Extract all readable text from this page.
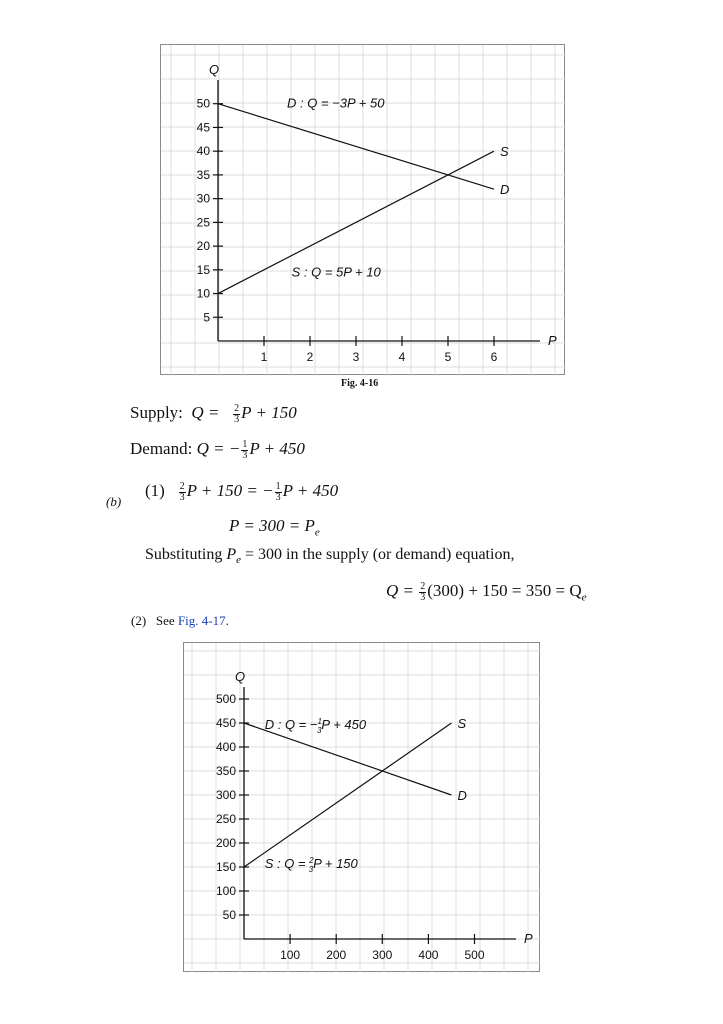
Q
P
5
10
15
20
25
30
35
40
45
50
1	2	3	4	5	6
D
S
D : Q = −3P + 50
S : Q = 5P + 10
Fig. 4-16
Supply: $Q = \frac{2}{3}$ P + 150
Demand: Q = − $\frac{1}{3}$ P + 450
(b)
$(1) \frac{2}{3}$ P + 150 = − $\frac{1}{3}$ P + 450
$P = 300 = P_e$
Substituting $P_e = 300$ in the supply (or demand) equation,
$Q = \frac{2}{3} (300) + 150 = 350 = Q_e$
(2) See Fig. 4-17.
Q
P
50
100
150
200
250
300
350
400
450
500
100 200 300 400 500
D
S
D : Q = −$^1$ 3P + 450
S : Q = $^2$ 3P + 150
